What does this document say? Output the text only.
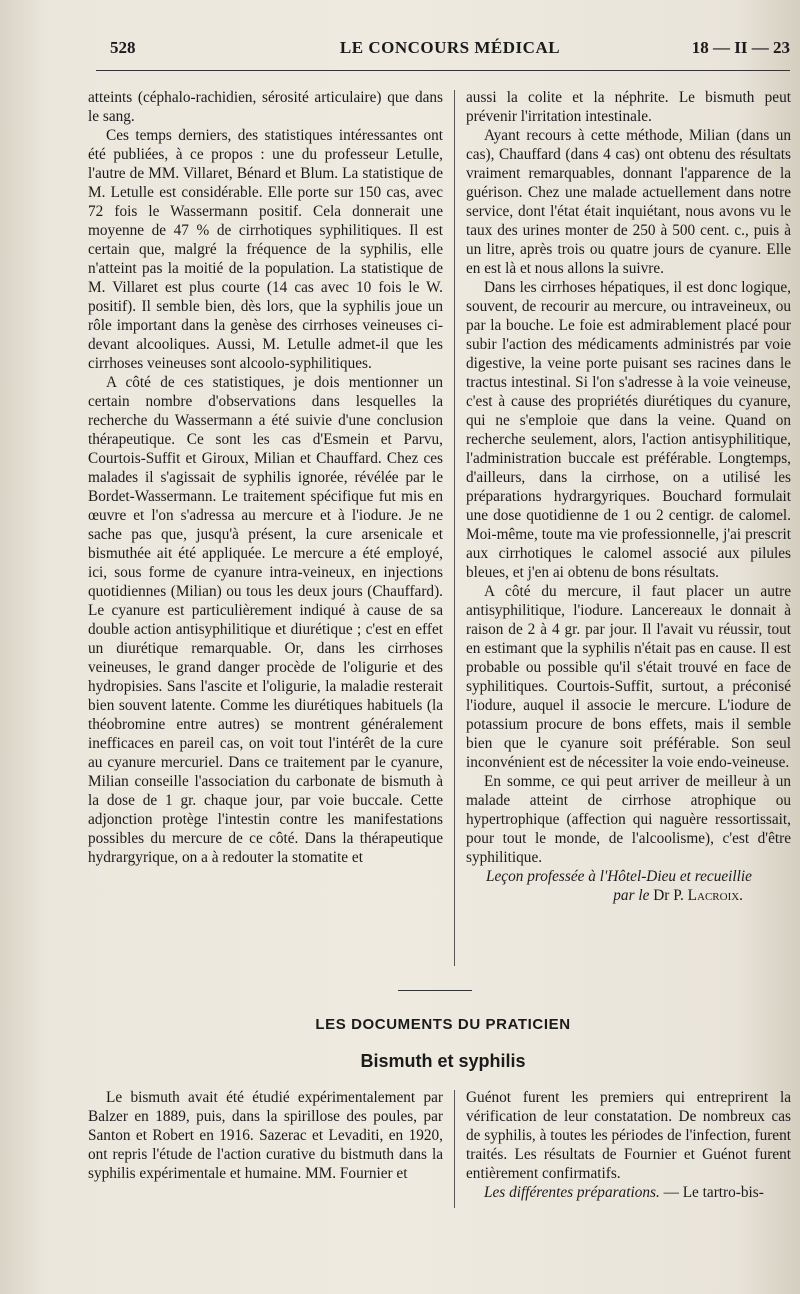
528	LE CONCOURS MÉDICAL	18 — II — 23

atteints (céphalo-rachidien, sérosité articulaire) que dans le sang.

Ces temps derniers, des statistiques intéressantes ont été publiées, à ce propos : une du professeur Letulle, l'autre de MM. Villaret, Bénard et Blum. La statistique de M. Letulle est considérable. Elle porte sur 150 cas, avec 72 fois le Wassermann positif. Cela donnerait une moyenne de 47 % de cirrhotiques syphilitiques. Il est certain que, malgré la fréquence de la syphilis, elle n'atteint pas la moitié de la population. La statistique de M. Villaret est plus courte (14 cas avec 10 fois le W. positif). Il semble bien, dès lors, que la syphilis joue un rôle important dans la genèse des cirrhoses veineuses ci-devant alcooliques. Aussi, M. Letulle admet-il que les cirrhoses veineuses sont alcoolo-syphilitiques.

A côté de ces statistiques, je dois mentionner un certain nombre d'observations dans lesquelles la recherche du Wassermann a été suivie d'une conclusion thérapeutique. Ce sont les cas d'Esmein et Parvu, Courtois-Suffit et Giroux, Milian et Chauffard. Chez ces malades il s'agissait de syphilis ignorée, révélée par le Bordet-Wassermann. Le traitement spécifique fut mis en œuvre et l'on s'adressa au mercure et à l'iodure. Je ne sache pas que, jusqu'à présent, la cure arsenicale et bismuthée ait été appliquée. Le mercure a été employé, ici, sous forme de cyanure intra-veineux, en injections quotidiennes (Milian) ou tous les deux jours (Chauffard). Le cyanure est particulièrement indiqué à cause de sa double action antisyphilitique et diurétique ; c'est en effet un diurétique remarquable. Or, dans les cirrhoses veineuses, le grand danger procède de l'oligurie et des hydropisies. Sans l'ascite et l'oligurie, la maladie resterait bien souvent latente. Comme les diurétiques habituels (la théobromine entre autres) se montrent généralement inefficaces en pareil cas, on voit tout l'intérêt de la cure au cyanure mercuriel. Dans ce traitement par le cyanure, Milian conseille l'association du carbonate de bismuth à la dose de 1 gr. chaque jour, par voie buccale. Cette adjonction protège l'intestin contre les manifestations possibles du mercure de ce côté. Dans la thérapeutique hydrargyrique, on a à redouter la stomatite et

aussi la colite et la néphrite. Le bismuth peut prévenir l'irritation intestinale.

Ayant recours à cette méthode, Milian (dans un cas), Chauffard (dans 4 cas) ont obtenu des résultats vraiment remarquables, donnant l'apparence de la guérison. Chez une malade actuellement dans notre service, dont l'état était inquiétant, nous avons vu le taux des urines monter de 250 à 500 cent. c., puis à un litre, après trois ou quatre jours de cyanure. Elle en est là et nous allons la suivre.

Dans les cirrhoses hépatiques, il est donc logique, souvent, de recourir au mercure, ou intraveineux, ou par la bouche. Le foie est admirablement placé pour subir l'action des médicaments administrés par voie digestive, la veine porte puisant ses racines dans le tractus intestinal. Si l'on s'adresse à la voie veineuse, c'est à cause des propriétés diurétiques du cyanure, qui ne s'emploie que dans la veine. Quand on recherche seulement, alors, l'action antisyphilitique, l'administration buccale est préférable. Longtemps, d'ailleurs, dans la cirrhose, on a utilisé les préparations hydrargyriques. Bouchard formulait une dose quotidienne de 1 ou 2 centigr. de calomel. Moi-même, toute ma vie professionnelle, j'ai prescrit aux cirrhotiques le calomel associé aux pilules bleues, et j'en ai obtenu de bons résultats.

A côté du mercure, il faut placer un autre antisyphilitique, l'iodure. Lancereaux le donnait à raison de 2 à 4 gr. par jour. Il l'avait vu réussir, tout en estimant que la syphilis n'était pas en cause. Il est probable ou possible qu'il s'était trouvé en face de syphilitiques. Courtois-Suffit, surtout, a préconisé l'iodure, auquel il associe le mercure. L'iodure de potassium procure de bons effets, mais il semble bien que le cyanure soit préférable. Son seul inconvénient est de nécessiter la voie endo-veineuse.

En somme, ce qui peut arriver de meilleur à un malade atteint de cirrhose atrophique ou hypertrophique (affection qui naguère ressortissait, pour tout le monde, de l'alcoolisme), c'est d'être syphilitique.

Leçon professée à l'Hôtel-Dieu et recueillie

par le Dr P. Lacroix.

LES DOCUMENTS DU PRATICIEN
Bismuth et syphilis

Le bismuth avait été étudié expérimentalement par Balzer en 1889, puis, dans la spirillose des poules, par Santon et Robert en 1916. Sazerac et Levaditi, en 1920, ont repris l'étude de l'action curative du bistmuth dans la syphilis expérimentale et humaine. MM. Fournier et

Guénot furent les premiers qui entreprirent la vérification de leur constatation. De nombreux cas de syphilis, à toutes les périodes de l'infection, furent traités. Les résultats de Fournier et Guénot furent entièrement confirmatifs.

Les différentes préparations. — Le tartro-bis-
